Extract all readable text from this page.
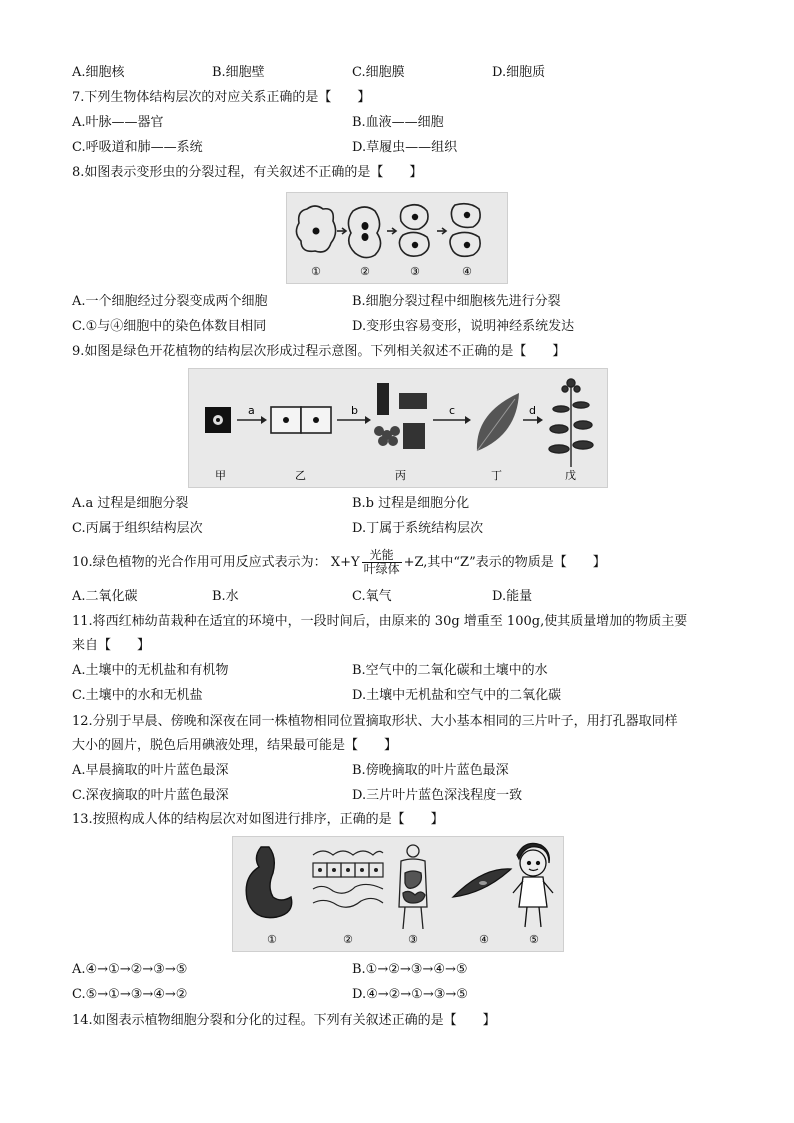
A.细胞核	B.细胞壁	C.细胞膜	D.细胞质
7.下列生物体结构层次的对应关系正确的是【　　】
A.叶脉——器官	B.血液——细胞
C.呼吸道和肺——系统	D.草履虫——组织
8.如图表示变形虫的分裂过程，有关叙述不正确的是【　　】
①	②	③	④
A.一个细胞经过分裂变成两个细胞	B.细胞分裂过程中细胞核先进行分裂
C.①与④细胞中的染色体数目相同	D.变形虫容易变形，说明神经系统发达
9.如图是绿色开花植物的结构层次形成过程示意图。下列相关叙述不正确的是【　　】
a	b	c	d
甲	乙	丙	丁	戊
A.a 过程是细胞分裂	B.b 过程是细胞分化
C.丙属于组织结构层次	D.丁属于系统结构层次
10.绿色植物的光合作用可用反应式表示为： $X+Y \frac{\text{光能}}{\text{叶绿体}} +Z$,其中“Z”表示的物质是【　　】
A.二氧化碳	B.水	C.氧气	D.能量
11.将西红柿幼苗栽种在适宜的环境中，一段时间后，由原来的 30g 增重至 100g,使其质量增加的物质主要
来自【　　】
A.土壤中的无机盐和有机物	B.空气中的二氧化碳和土壤中的水
C.土壤中的水和无机盐	D.土壤中无机盐和空气中的二氧化碳
12.分别于早晨、傍晚和深夜在同一株植物相同位置摘取形状、大小基本相同的三片叶子，用打孔器取同样
大小的圆片，脱色后用碘液处理，结果最可能是【　　】
A.早晨摘取的叶片蓝色最深	B.傍晚摘取的叶片蓝色最深
C.深夜摘取的叶片蓝色最深	D.三片叶片蓝色深浅程度一致
13.按照构成人体的结构层次对如图进行排序，正确的是【　　】
①	②	③	④	⑤
A.④→①→②→③→⑤	B.①→②→③→④→⑤
C.⑤→①→③→④→②	D.④→②→①→③→⑤
14.如图表示植物细胞分裂和分化的过程。下列有关叙述正确的是【　　】
